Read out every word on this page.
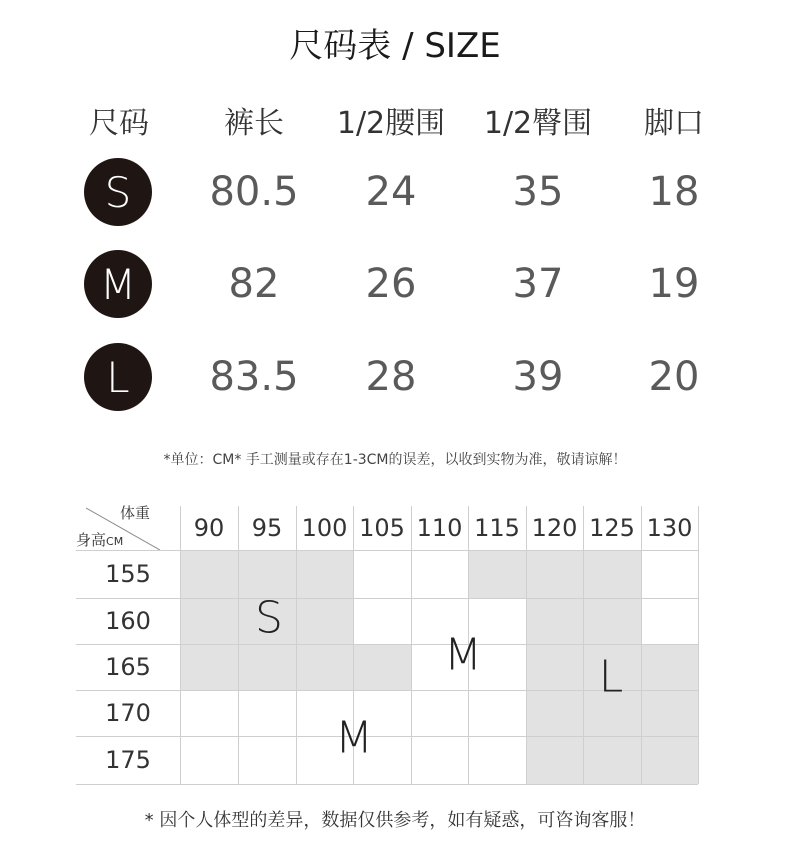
尺码表 / SIZE
尺码	裤长 1/2腰围 1/2臀围 脚口
S	80.5 24 35 18
M	82 26 37 19
L	83.5 28 39 20
*单位：CM* 手工测量或存在1-3CM的误差，以收到实物为准，敬请谅解！
体重
身高CM	90	95 100 105 110 115 120 125 130
155
160
165
170
175
S
M	L
M
* 因个人体型的差异，数据仅供参考，如有疑惑，可咨询客服！
